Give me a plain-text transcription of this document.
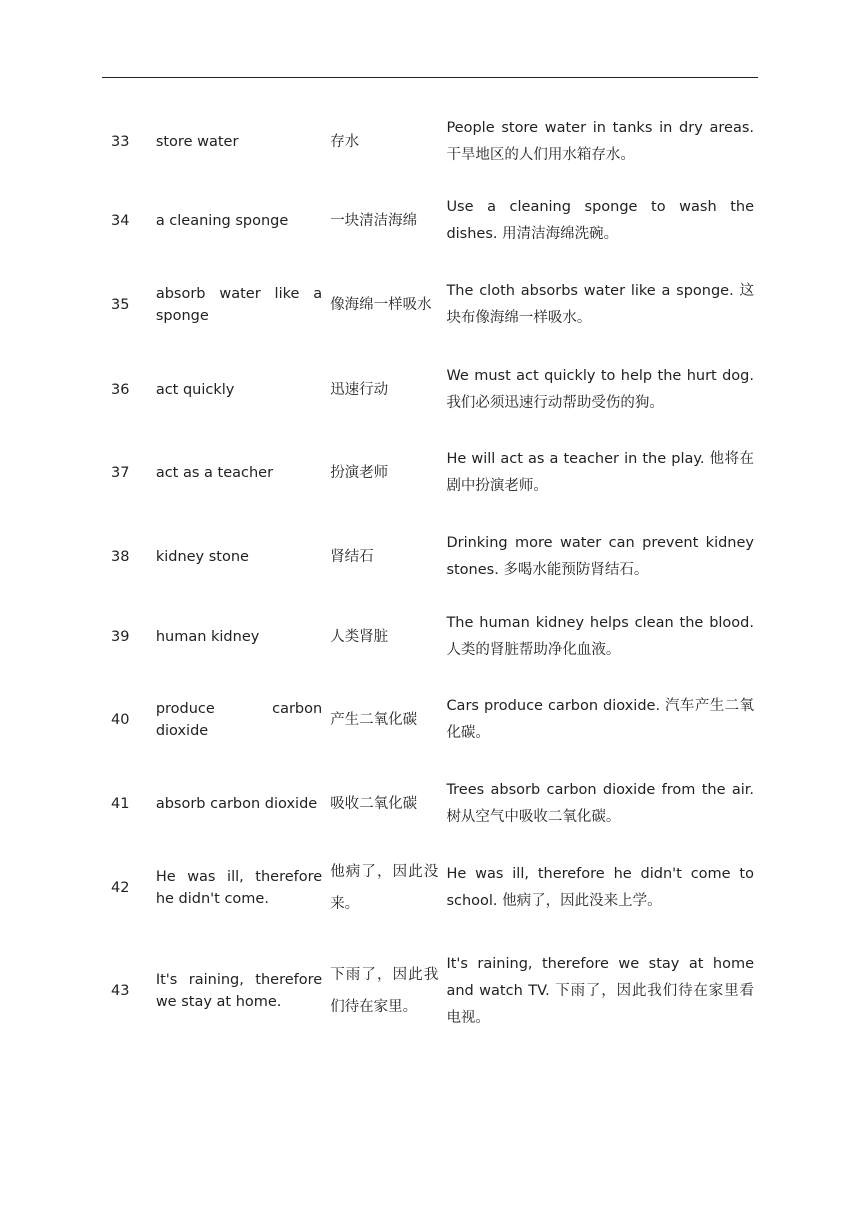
33	store water	存水	People store water in tanks in dry areas. 干旱地区的人们用水箱存水。
34	a cleaning sponge	一块清洁海绵	Use a cleaning sponge to wash the dishes. 用清洁海绵洗碗。
35	absorb water like a sponge	像海绵一样吸水	The cloth absorbs water like a sponge. 这块布像海绵一样吸水。
36	act quickly	迅速行动	We must act quickly to help the hurt dog. 我们必须迅速行动帮助受伤的狗。
37	act as a teacher	扮演老师	He will act as a teacher in the play. 他将在剧中扮演老师。
38	kidney stone	肾结石	Drinking more water can prevent kidney stones. 多喝水能预防肾结石。
39	human kidney	人类肾脏	The human kidney helps clean the blood. 人类的肾脏帮助净化血液。
40	produce carbon dioxide	产生二氧化碳	Cars produce carbon dioxide. 汽车产生二氧化碳。
41	absorb carbon dioxide	吸收二氧化碳	Trees absorb carbon dioxide from the air. 树从空气中吸收二氧化碳。
42	He was ill, therefore he didn't come.	他病了，因此没来。	He was ill, therefore he didn't come to school. 他病了，因此没来上学。
43	It's raining, therefore we stay at home.	下雨了，因此我们待在家里。	It's raining, therefore we stay at home and watch TV. 下雨了，因此我们待在家里看电视。
